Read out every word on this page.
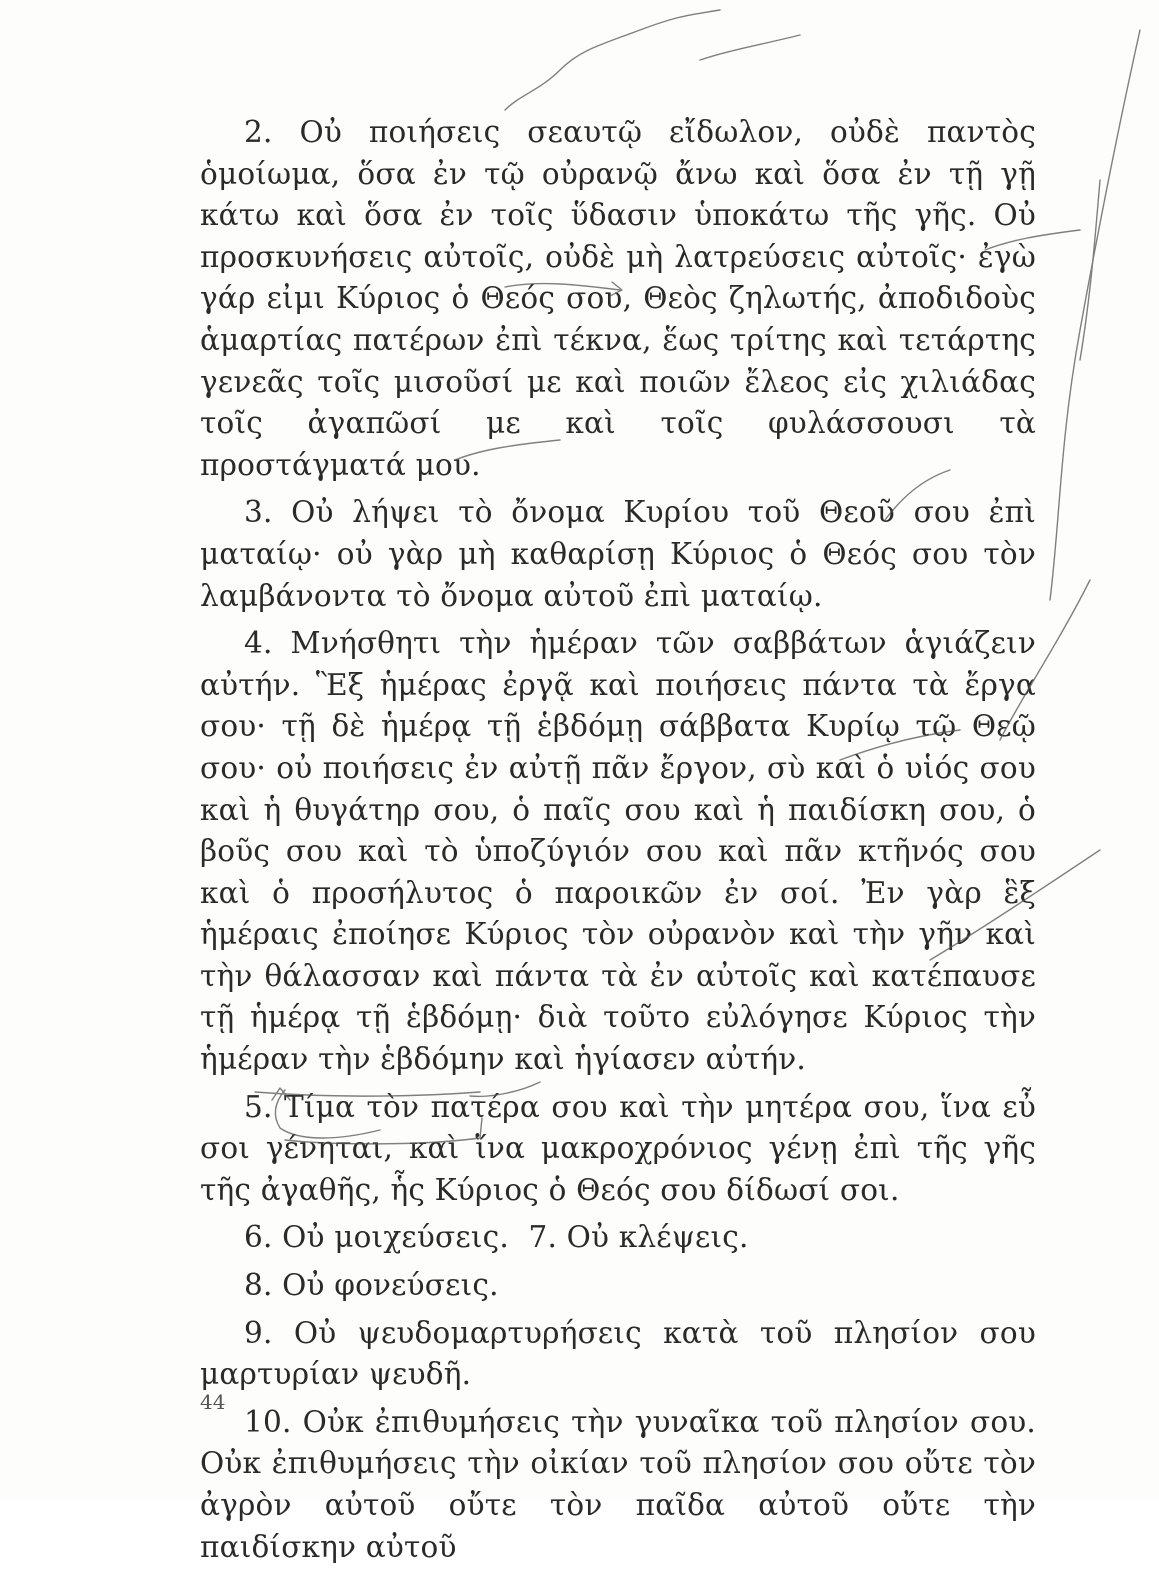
2. Οὐ ποιήσεις σεαυτῷ εἴδωλον, οὐδὲ παντὸς ὁμοίωμα, ὅσα ἐν τῷ οὐρανῷ ἄνω καὶ ὅσα ἐν τῇ γῇ κάτω καὶ ὅσα ἐν τοῖς ὕδασιν ὑποκάτω τῆς γῆς. Οὐ προσκυνήσεις αὐτοῖς, οὐδὲ μὴ λατρεύσεις αὐτοῖς· ἐγὼ γάρ εἰμι Κύριος ὁ Θεός σου, Θεὸς ζηλωτής, ἀποδιδοὺς ἁμαρτίας πατέρων ἐπὶ τέκνα, ἕως τρίτης καὶ τετάρτης γενεᾶς τοῖς μισοῦσί με καὶ ποιῶν ἔλεος εἰς χιλιάδας τοῖς ἀγαπῶσί με καὶ τοῖς φυλάσσουσι τὰ προστάγματά μου.

3. Οὐ λήψει τὸ ὄνομα Κυρίου τοῦ Θεοῦ σου ἐπὶ ματαίῳ· οὐ γὰρ μὴ καθαρίσῃ Κύριος ὁ Θεός σου τὸν λαμβάνοντα τὸ ὄνομα αὐτοῦ ἐπὶ ματαίῳ.

4. Μνήσθητι τὴν ἡμέραν τῶν σαββάτων ἁγιάζειν αὐτήν. Ἓξ ἡμέρας ἐργᾷ καὶ ποιήσεις πάντα τὰ ἔργα σου· τῇ δὲ ἡμέρᾳ τῇ ἑβδόμῃ σάββατα Κυρίῳ τῷ Θεῷ σου· οὐ ποιήσεις ἐν αὐτῇ πᾶν ἔργον, σὺ καὶ ὁ υἱός σου καὶ ἡ θυγάτηρ σου, ὁ παῖς σου καὶ ἡ παιδίσκη σου, ὁ βοῦς σου καὶ τὸ ὑποζύγιόν σου καὶ πᾶν κτῆνός σου καὶ ὁ προσήλυτος ὁ παροικῶν ἐν σοί. Ἐν γὰρ ἓξ ἡμέραις ἐποίησε Κύριος τὸν οὐρανὸν καὶ τὴν γῆν καὶ τὴν θάλασσαν καὶ πάντα τὰ ἐν αὐτοῖς καὶ κατέπαυσε τῇ ἡμέρᾳ τῇ ἑβδόμῃ· διὰ τοῦτο εὐλόγησε Κύριος τὴν ἡμέραν τὴν ἑβδόμην καὶ ἡγίασεν αὐτήν.

5. Τίμα τὸν πατέρα σου καὶ τὴν μητέρα σου, ἵνα εὖ σοι γένηται, καὶ ἵνα μακροχρόνιος γένῃ ἐπὶ τῆς γῆς τῆς ἀγαθῆς, ἧς Κύριος ὁ Θεός σου δίδωσί σοι.

6. Οὐ μοιχεύσεις. 7. Οὐ κλέψεις.

8. Οὐ φονεύσεις.

9. Οὐ ψευδομαρτυρήσεις κατὰ τοῦ πλησίον σου μαρτυρίαν ψευδῆ.

10. Οὐκ ἐπιθυμήσεις τὴν γυναῖκα τοῦ πλησίον σου. Οὐκ ἐπιθυμήσεις τὴν οἰκίαν τοῦ πλησίον σου οὔτε τὸν ἀγρὸν αὐτοῦ οὔτε τὸν παῖδα αὐτοῦ οὔτε τὴν παιδίσκην αὐτοῦ

44
